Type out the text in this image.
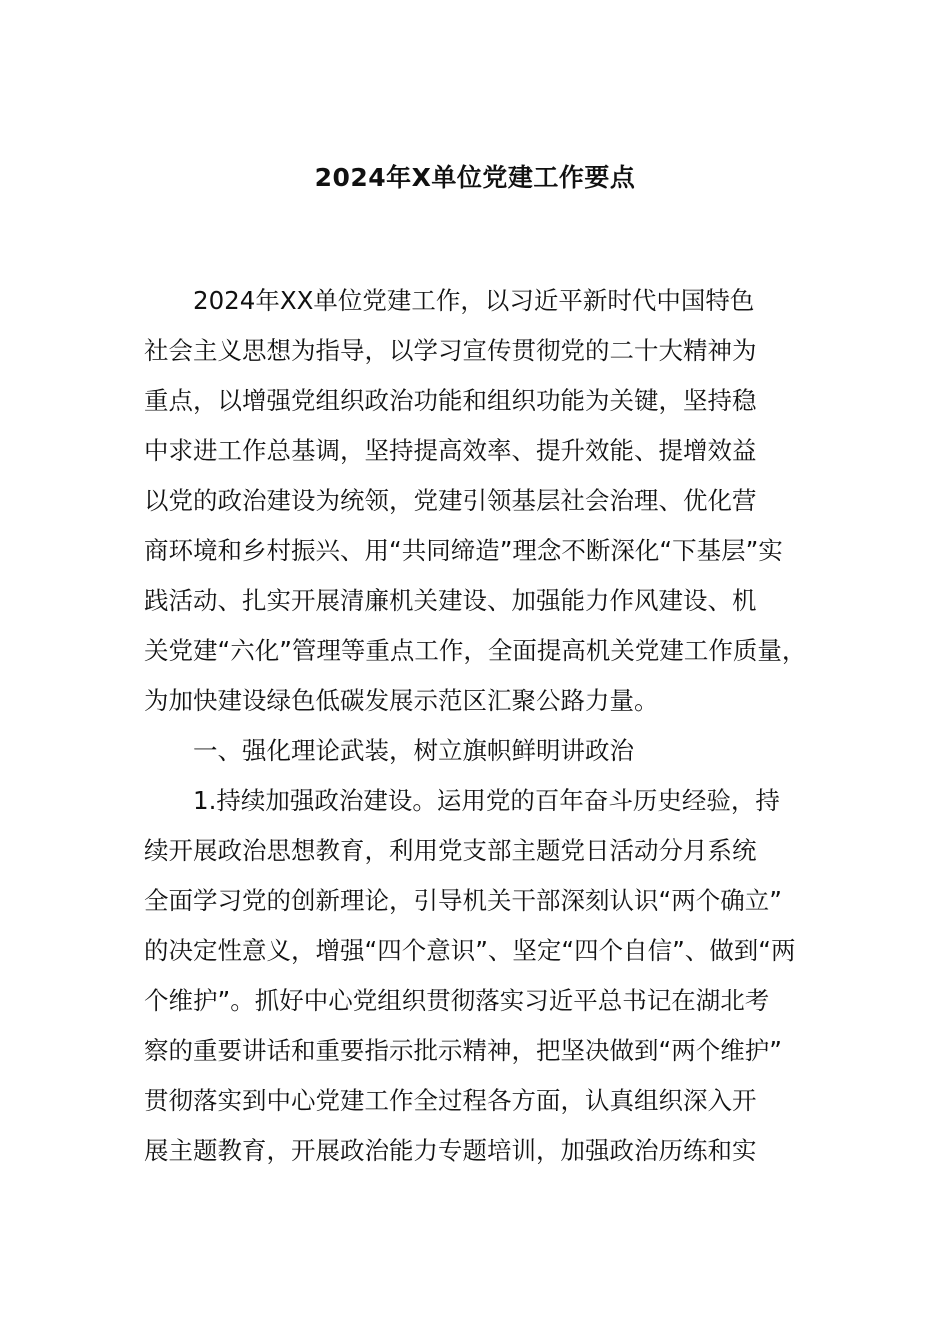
2024年X单位党建工作要点

2024年XX单位党建工作，以习近平新时代中国特色

社会主义思想为指导，以学习宣传贯彻党的二十大精神为

重点，以增强党组织政治功能和组织功能为关键，坚持稳

中求进工作总基调，坚持提高效率、提升效能、提增效益

以党的政治建设为统领，党建引领基层社会治理、优化营

商环境和乡村振兴、用“共同缔造”理念不断深化“下基层”实

践活动、扎实开展清廉机关建设、加强能力作风建设、机

关党建“六化”管理等重点工作，全面提高机关党建工作质量，

为加快建设绿色低碳发展示范区汇聚公路力量。

一、强化理论武装，树立旗帜鲜明讲政治

1.持续加强政治建设。运用党的百年奋斗历史经验，持

续开展政治思想教育，利用党支部主题党日活动分月系统

全面学习党的创新理论，引导机关干部深刻认识“两个确立”

的决定性意义，增强“四个意识”、坚定“四个自信”、做到“两

个维护”。抓好中心党组织贯彻落实习近平总书记在湖北考

察的重要讲话和重要指示批示精神，把坚决做到“两个维护”

贯彻落实到中心党建工作全过程各方面，认真组织深入开

展主题教育，开展政治能力专题培训，加强政治历练和实
